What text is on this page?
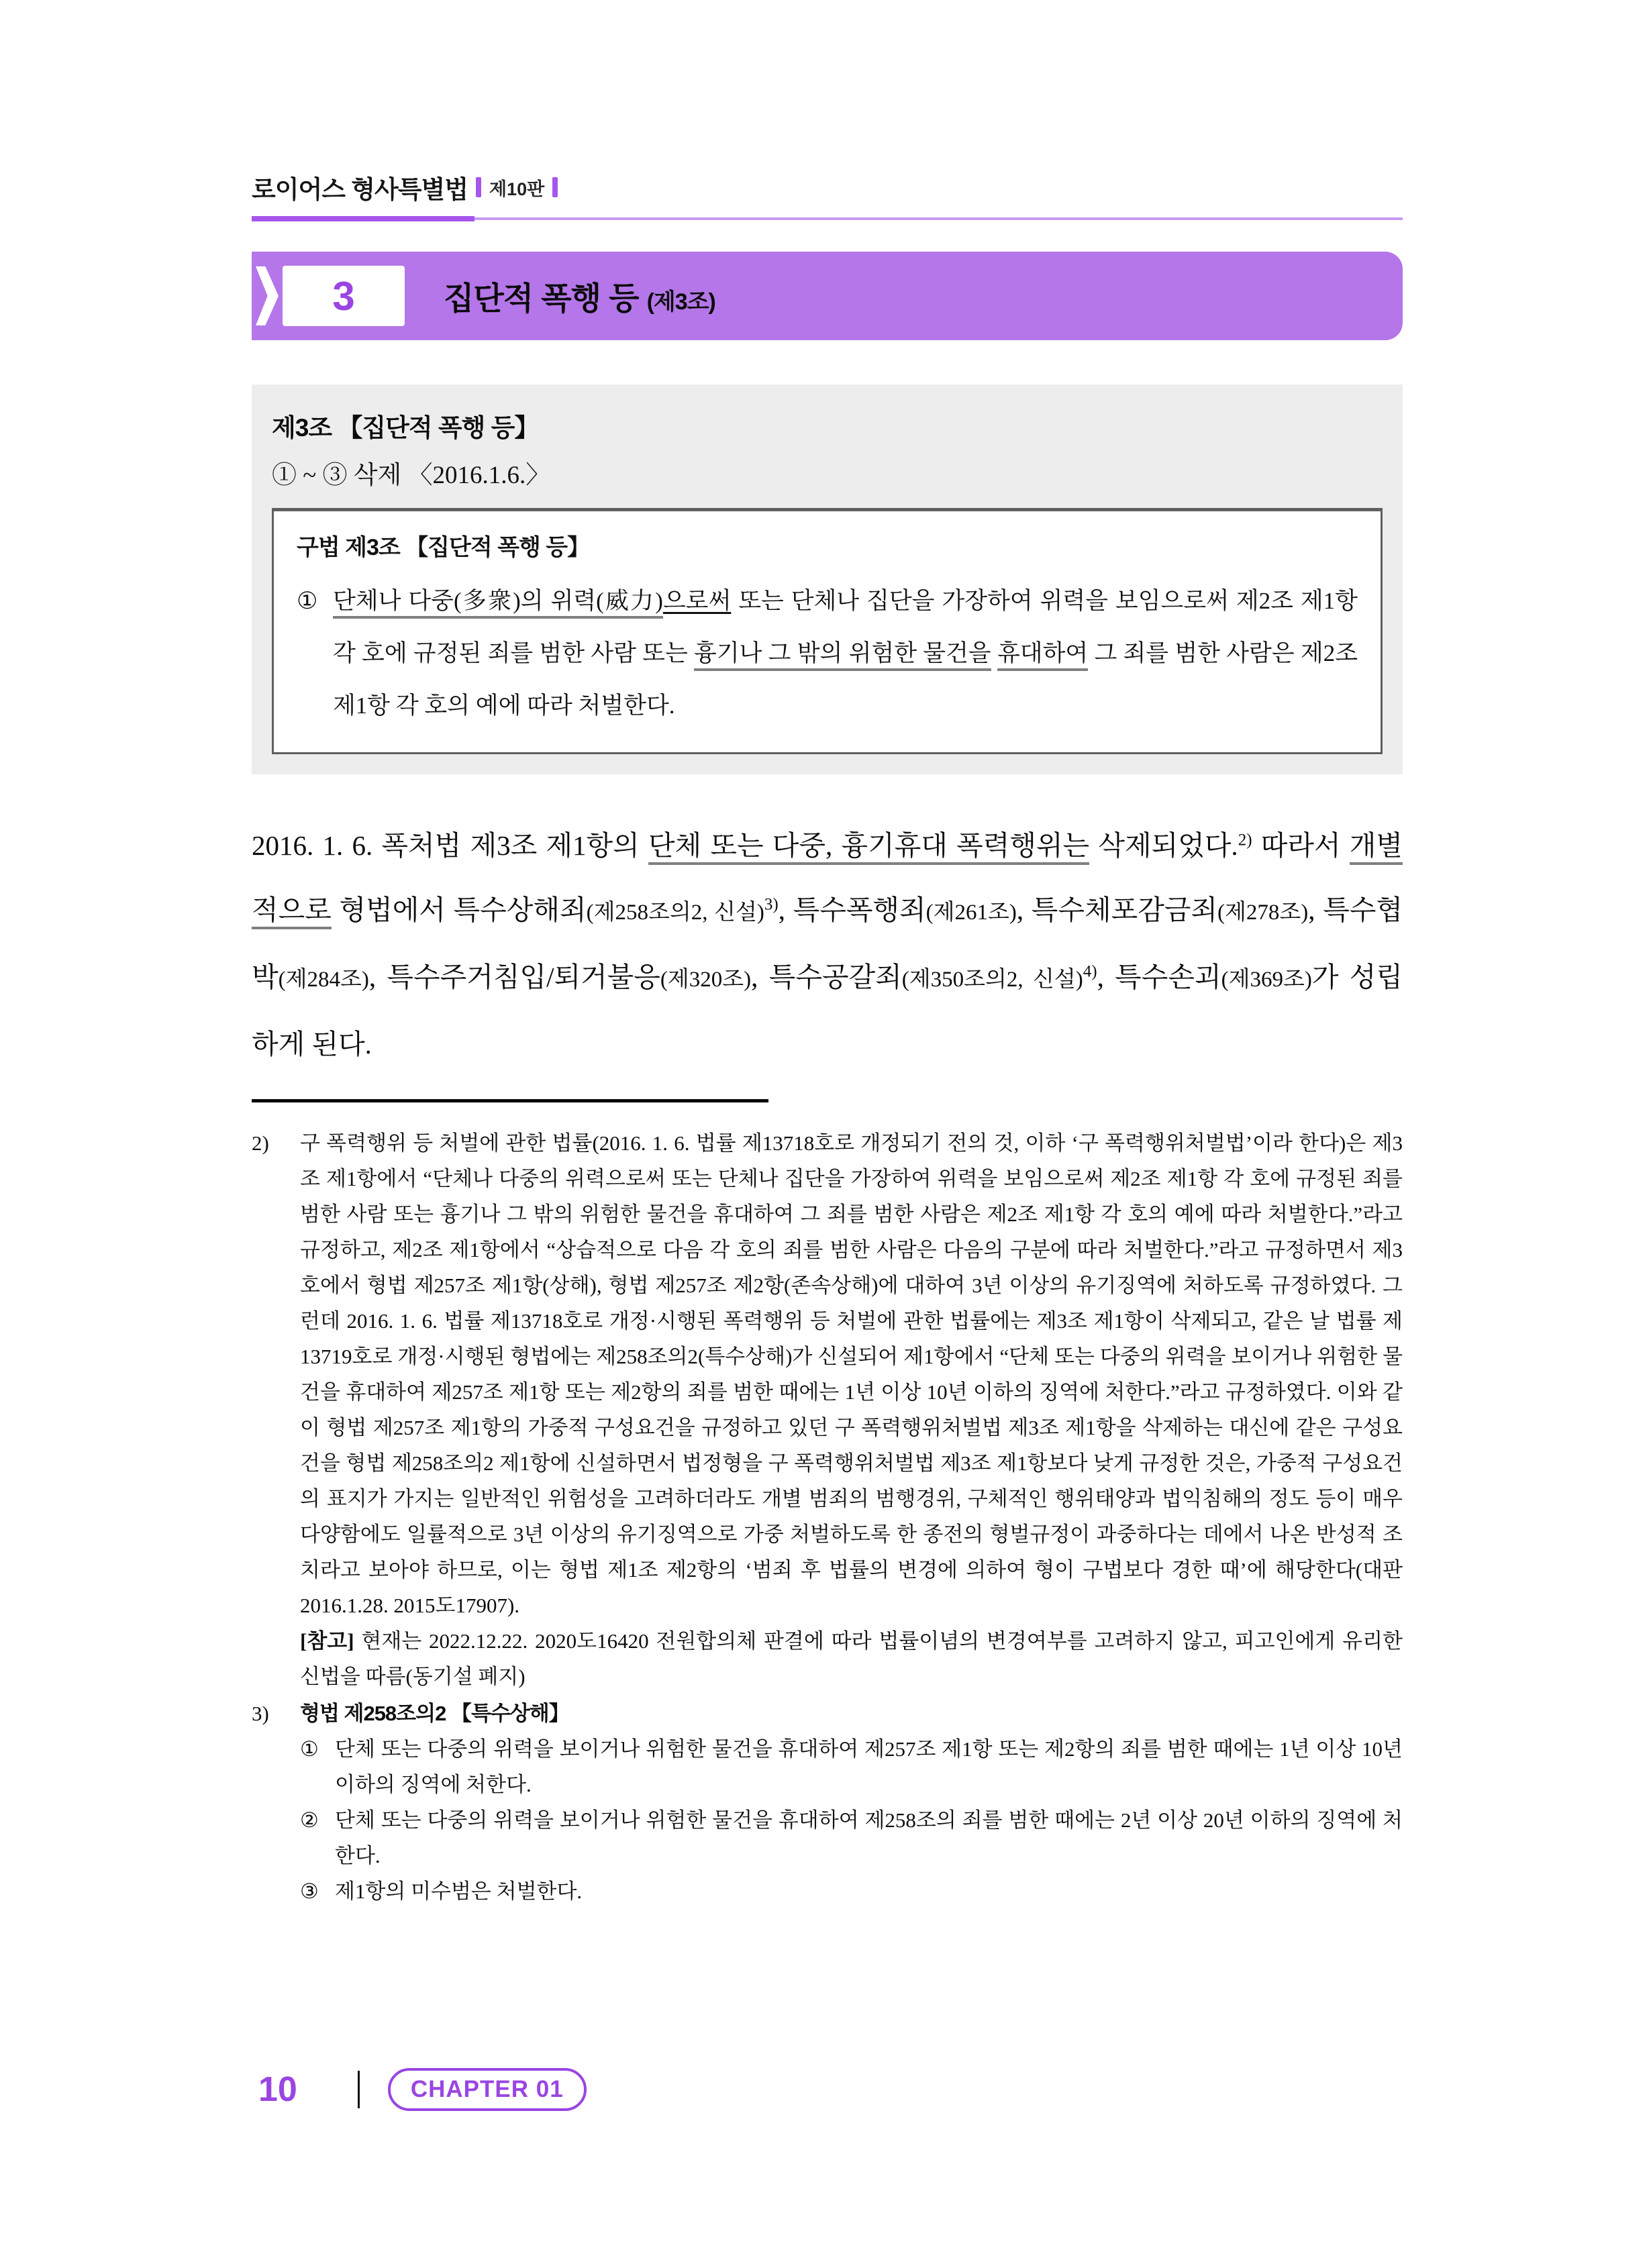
로이어스 형사특별법 제10판
3	집단적 폭행 등 (제3조)
제3조 【집단적 폭행 등】
① ~ ③ 삭제 〈2016.1.6.〉
구법 제3조 【집단적 폭행 등】
① 단체나 다중(多衆)의 위력(威力)으로써 또는 단체나 집단을 가장하여 위력을 보임으로써 제2조 제1항 각 호에 규정된 죄를 범한 사람 또는 흉기나 그 밖의 위험한 물건을 휴대하여 그 죄를 범한 사람은 제2조 제1항 각 호의 예에 따라 처벌한다.
2016. 1. 6. 폭처법 제3조 제1항의 단체 또는 다중, 흉기휴대 폭력행위는 삭제되었다.$^{2)}$ 따라서 개별적으로 형법에서 특수상해죄(제258조의2, 신설)$^{3)}$, 특수폭행죄(제261조), 특수체포감금죄(제278조), 특수협박(제284조), 특수주거침입/퇴거불응(제320조), 특수공갈죄(제350조의2, 신설)$^{4)}$, 특수손괴(제369조)가 성립하게 된다.
2)	구 폭력행위 등 처벌에 관한 법률(2016. 1. 6. 법률 제13718호로 개정되기 전의 것, 이하 ‘구 폭력행위처벌법’이라 한다)은 제3조 제1항에서 “단체나 다중의 위력으로써 또는 단체나 집단을 가장하여 위력을 보임으로써 제2조 제1항 각 호에 규정된 죄를 범한 사람 또는 흉기나 그 밖의 위험한 물건을 휴대하여 그 죄를 범한 사람은 제2조 제1항 각 호의 예에 따라 처벌한다.”라고 규정하고, 제2조 제1항에서 “상습적으로 다음 각 호의 죄를 범한 사람은 다음의 구분에 따라 처벌한다.”라고 규정하면서 제3호에서 형법 제257조 제1항(상해), 형법 제257조 제2항(존속상해)에 대하여 3년 이상의 유기징역에 처하도록 규정하였다. 그런데 2016. 1. 6. 법률 제13718호로 개정·시행된 폭력행위 등 처벌에 관한 법률에는 제3조 제1항이 삭제되고, 같은 날 법률 제13719호로 개정·시행된 형법에는 제258조의2(특수상해)가 신설되어 제1항에서 “단체 또는 다중의 위력을 보이거나 위험한 물건을 휴대하여 제257조 제1항 또는 제2항의 죄를 범한 때에는 1년 이상 10년 이하의 징역에 처한다.”라고 규정하였다. 이와 같이 형법 제257조 제1항의 가중적 구성요건을 규정하고 있던 구 폭력행위처벌법 제3조 제1항을 삭제하는 대신에 같은 구성요건을 형법 제258조의2 제1항에 신설하면서 법정형을 구 폭력행위처벌법 제3조 제1항보다 낮게 규정한 것은, 가중적 구성요건의 표지가 가지는 일반적인 위험성을 고려하더라도 개별 범죄의 범행경위, 구체적인 행위태양과 법익침해의 정도 등이 매우 다양함에도 일률적으로 3년 이상의 유기징역으로 가중 처벌하도록 한 종전의 형벌규정이 과중하다는 데에서 나온 반성적 조치라고 보아야 하므로, 이는 형법 제1조 제2항의 ‘범죄 후 법률의 변경에 의하여 형이 구법보다 경한 때’에 해당한다(대판 2016.1.28. 2015도17907).
[참고] 현재는 2022.12.22. 2020도16420 전원합의체 판결에 따라 법률이념의 변경여부를 고려하지 않고, 피고인에게 유리한 신법을 따름(동기설 폐지)
3)	형법 제258조의2 【특수상해】
① 단체 또는 다중의 위력을 보이거나 위험한 물건을 휴대하여 제257조 제1항 또는 제2항의 죄를 범한 때에는 1년 이상 10년 이하의 징역에 처한다.
② 단체 또는 다중의 위력을 보이거나 위험한 물건을 휴대하여 제258조의 죄를 범한 때에는 2년 이상 20년 이하의 징역에 처한다.
③ 제1항의 미수범은 처벌한다.
10	CHAPTER 01
